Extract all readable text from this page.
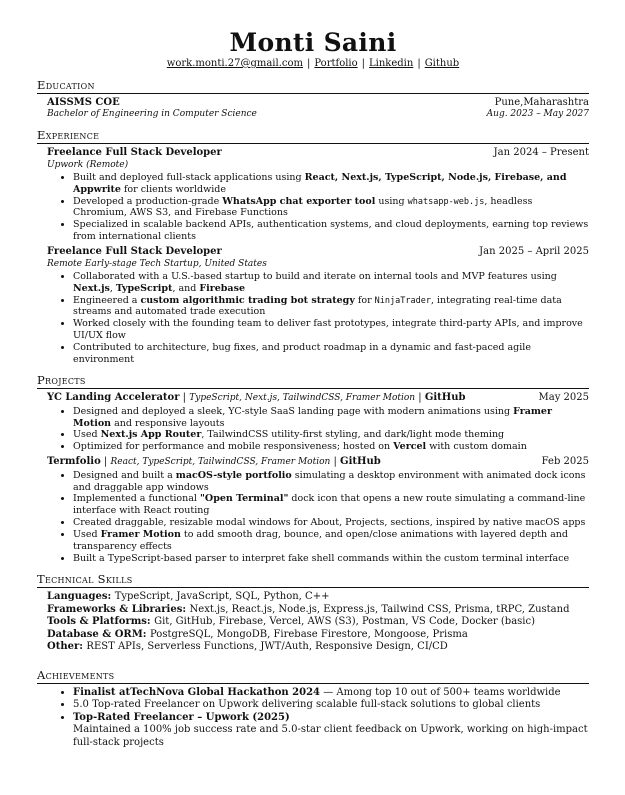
Monti Saini
work.monti.27@gmail.com | Portfolio | Linkedin | Github
Education
AISSMS COE	Pune,Maharashtra
Bachelor of Engineering in Computer Science	Aug. 2023 – May 2027
Experience
Freelance Full Stack Developer	Jan 2024 – Present
Upwork (Remote)
• Built and deployed full-stack applications using React, Next.js, TypeScript, Node.js, Firebase, and Appwrite for clients worldwide
• Developed a production-grade WhatsApp chat exporter tool using whatsapp-web.js, headless Chromium, AWS S3, and Firebase Functions
• Specialized in scalable backend APIs, authentication systems, and cloud deployments, earning top reviews from international clients
Freelance Full Stack Developer	Jan 2025 – April 2025
Remote Early-stage Tech Startup, United States
• Collaborated with a U.S.-based startup to build and iterate on internal tools and MVP features using Next.js, TypeScript, and Firebase
• Engineered a custom algorithmic trading bot strategy for NinjaTrader, integrating real-time data streams and automated trade execution
• Worked closely with the founding team to deliver fast prototypes, integrate third-party APIs, and improve UI/UX flow
• Contributed to architecture, bug fixes, and product roadmap in a dynamic and fast-paced agile environment
Projects
YC Landing Accelerator | TypeScript, Next.js, TailwindCSS, Framer Motion | GitHub	May 2025
• Designed and deployed a sleek, YC-style SaaS landing page with modern animations using Framer Motion and responsive layouts
• Used Next.js App Router, TailwindCSS utility-first styling, and dark/light mode theming
• Optimized for performance and mobile responsiveness; hosted on Vercel with custom domain
Termfolio | React, TypeScript, TailwindCSS, Framer Motion | GitHub	Feb 2025
• Designed and built a macOS-style portfolio simulating a desktop environment with animated dock icons and draggable app windows
• Implemented a functional "Open Terminal" dock icon that opens a new route simulating a command-line interface with React routing
• Created draggable, resizable modal windows for About, Projects, sections, inspired by native macOS apps
• Used Framer Motion to add smooth drag, bounce, and open/close animations with layered depth and transparency effects
• Built a TypeScript-based parser to interpret fake shell commands within the custom terminal interface
Technical Skills
Languages: TypeScript, JavaScript, SQL, Python, C++
Frameworks & Libraries: Next.js, React.js, Node.js, Express.js, Tailwind CSS, Prisma, tRPC, Zustand
Tools & Platforms: Git, GitHub, Firebase, Vercel, AWS (S3), Postman, VS Code, Docker (basic)
Database & ORM: PostgreSQL, MongoDB, Firebase Firestore, Mongoose, Prisma
Other: REST APIs, Serverless Functions, JWT/Auth, Responsive Design, CI/CD
Achievements
• Finalist atTechNova Global Hackathon 2024 — Among top 10 out of 500+ teams worldwide
• 5.0 Top-rated Freelancer on Upwork delivering scalable full-stack solutions to global clients
• Top-Rated Freelancer – Upwork (2025)
Maintained a 100% job success rate and 5.0-star client feedback on Upwork, working on high-impact full-stack projects
